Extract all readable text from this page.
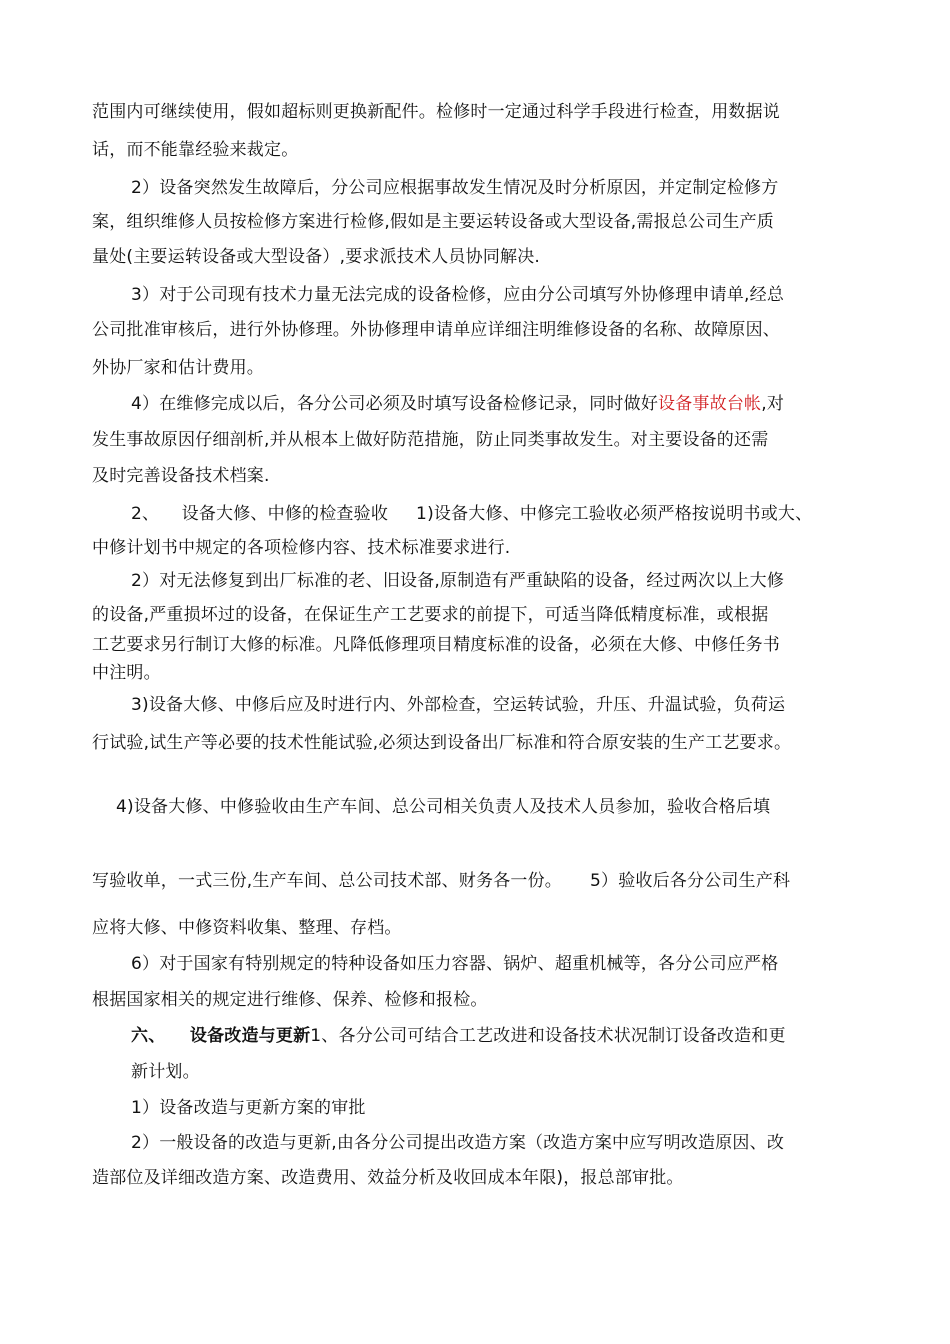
范围内可继续使用，假如超标则更换新配件。检修时一定通过科学手段进行检查，用数据说
话，而不能靠经验来裁定。
2）设备突然发生故障后，分公司应根据事故发生情况及时分析原因，并定制定检修方
案，组织维修人员按检修方案进行检修,假如是主要运转设备或大型设备,需报总公司生产质
量处(主要运转设备或大型设备）,要求派技术人员协同解决.
3）对于公司现有技术力量无法完成的设备检修，应由分公司填写外协修理申请单,经总
公司批准审核后，进行外协修理。外协修理申请单应详细注明维修设备的名称、故障原因、
外协厂家和估计费用。
4）在维修完成以后，各分公司必须及时填写设备检修记录，同时做好设备事故台帐,对
发生事故原因仔细剖析,并从根本上做好防范措施，防止同类事故发生。对主要设备的还需
及时完善设备技术档案.
2、    设备大修、中修的检查验收     1)设备大修、中修完工验收必须严格按说明书或大、
中修计划书中规定的各项检修内容、技术标准要求进行.
2）对无法修复到出厂标准的老、旧设备,原制造有严重缺陷的设备，经过两次以上大修
的设备,严重损坏过的设备，在保证生产工艺要求的前提下，可适当降低精度标准，或根据
工艺要求另行制订大修的标准。凡降低修理项目精度标准的设备，必须在大修、中修任务书
中注明。
3)设备大修、中修后应及时进行内、外部检查，空运转试验，升压、升温试验，负荷运
行试验,试生产等必要的技术性能试验,必须达到设备出厂标准和符合原安装的生产工艺要求。
4)设备大修、中修验收由生产车间、总公司相关负责人及技术人员参加，验收合格后填
写验收单，一式三份,生产车间、总公司技术部、财务各一份。     5）验收后各分公司生产科
应将大修、中修资料收集、整理、存档。
6）对于国家有特别规定的特种设备如压力容器、锅炉、超重机械等，各分公司应严格
根据国家相关的规定进行维修、保养、检修和报检。
六、    设备改造与更新1、各分公司可结合工艺改进和设备技术状况制订设备改造和更
新计划。
1）设备改造与更新方案的审批
2）一般设备的改造与更新,由各分公司提出改造方案（改造方案中应写明改造原因、改
造部位及详细改造方案、改造费用、效益分析及收回成本年限)，报总部审批。
